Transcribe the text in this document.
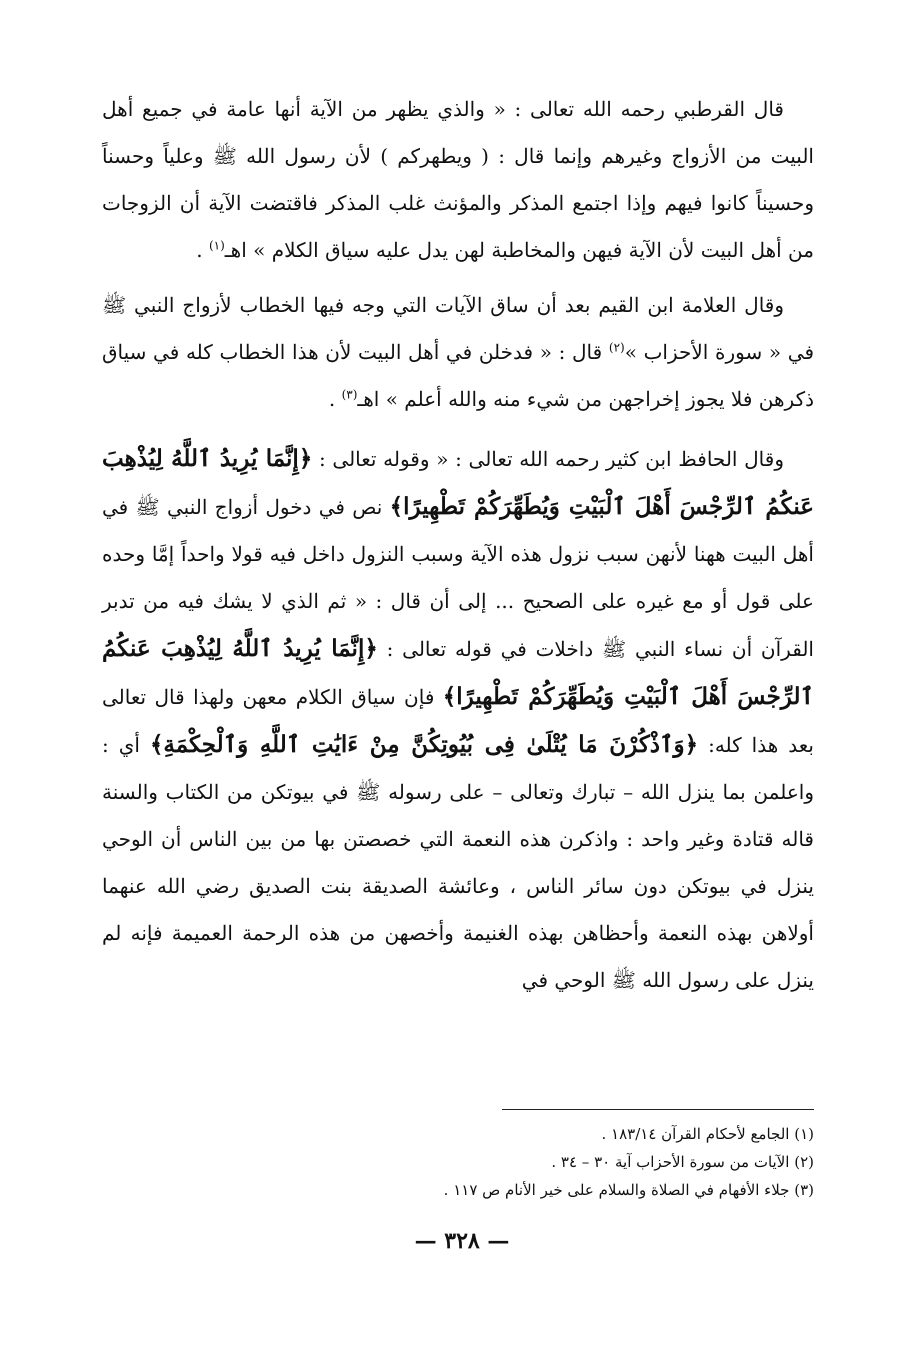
قال القرطبي رحمه الله تعالى : « والذي يظهر من الآية أنها عامة في جميع أهل البيت من الأزواج وغيرهم وإنما قال : ( ويطهركم ) لأن رسول الله ﷺ وعلياً وحسناً وحسيناً كانوا فيهم وإذا اجتمع المذكر والمؤنث غلب المذكر فاقتضت الآية أن الزوجات من أهل البيت لأن الآية فيهن والمخاطبة لهن يدل عليه سياق الكلام » اهـ$^{(١)}$ .

وقال العلامة ابن القيم بعد أن ساق الآيات التي وجه فيها الخطاب لأزواج النبي ﷺ في « سورة الأحزاب »$^{(٢)}$ قال : « فدخلن في أهل البيت لأن هذا الخطاب كله في سياق ذكرهن فلا يجوز إخراجهن من شيء منه والله أعلم » اهـ$^{(٣)}$ .

وقال الحافظ ابن كثير رحمه الله تعالى : « وقوله تعالى : ﴿إِنَّمَا يُرِيدُ ٱللَّهُ لِيُذْهِبَ عَنكُمُ ٱلرِّجْسَ أَهْلَ ٱلْبَيْتِ وَيُطَهِّرَكُمْ تَطْهِيرًا﴾ نص في دخول أزواج النبي ﷺ في أهل البيت ههنا لأنهن سبب نزول هذه الآية وسبب النزول داخل فيه قولا واحداً إمَّا وحده على قول أو مع غيره على الصحيح ... إلى أن قال : « ثم الذي لا يشك فيه من تدبر القرآن أن نساء النبي ﷺ داخلات في قوله تعالى : ﴿إِنَّمَا يُرِيدُ ٱللَّهُ لِيُذْهِبَ عَنكُمُ ٱلرِّجْسَ أَهْلَ ٱلْبَيْتِ وَيُطَهِّرَكُمْ تَطْهِيرًا﴾ فإن سياق الكلام معهن ولهذا قال تعالى بعد هذا كله: ﴿وَٱذْكُرْنَ مَا يُتْلَىٰ فِى بُيُوتِكُنَّ مِنْ ءَايَٰتِ ٱللَّهِ وَٱلْحِكْمَةِ﴾ أي : واعلمن بما ينزل الله – تبارك وتعالى – على رسوله ﷺ في بيوتكن من الكتاب والسنة قاله قتادة وغير واحد : واذكرن هذه النعمة التي خصصتن بها من بين الناس أن الوحي ينزل في بيوتكن دون سائر الناس ، وعائشة الصديقة بنت الصديق رضي الله عنهما أولاهن بهذه النعمة وأحظاهن بهذه الغنيمة وأخصهن من هذه الرحمة العميمة فإنه لم ينزل على رسول الله ﷺ الوحي في

(١) الجامع لأحكام القرآن ١٨٣/١٤ .

(٢) الآيات من سورة الأحزاب آية ٣٠ – ٣٤ .

(٣) جلاء الأفهام في الصلاة والسلام على خير الأنام ص ١١٧ .

— ٣٢٨ —
